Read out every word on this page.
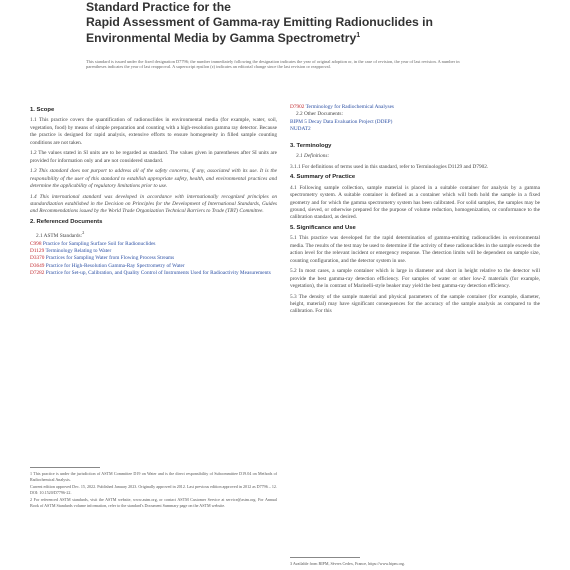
Standard Practice for the
Rapid Assessment of Gamma-ray Emitting Radionuclides in
Environmental Media by Gamma Spectrometry$^1$
This standard is issued under the fixed designation D7796; the number immediately following the designation indicates the year of original adoption or, in the case of revision, the year of last revision. A number in parentheses indicates the year of last reapproval. A superscript epsilon (ε) indicates an editorial change since the last revision or reapproval.
1. Scope

1.1 This practice covers the quantification of radionuclides in environmental media (for example, water, soil, vegetation, food) by means of simple preparation and counting with a high-resolution gamma ray detector. Because the practice is designed for rapid analysis, extensive efforts to ensure homogeneity in filled sample counting conditions are not taken.

1.2 The values stated in SI units are to be regarded as standard. The values given in parentheses after SI units are provided for information only and are not considered standard.

1.3 This standard does not purport to address all of the safety concerns, if any, associated with its use. It is the responsibility of the user of this standard to establish appropriate safety, health, and environmental practices and determine the applicability of regulatory limitations prior to use.

1.4 This international standard was developed in accordance with internationally recognized principles on standardization established in the Decision on Principles for the Development of International Standards, Guides and Recommendations issued by the World Trade Organization Technical Barriers to Trade (TBT) Committee.

2. Referenced Documents

2.1 ASTM Standards:$^2$

C998 Practice for Sampling Surface Soil for Radionuclides

D1129 Terminology Relating to Water

D3370 Practices for Sampling Water from Flowing Process Streams

D3649 Practice for High-Resolution Gamma-Ray Spectrometry of Water

D7282 Practice for Set-up, Calibration, and Quality Control of Instruments Used for Radioactivity Measurements

1 This practice is under the jurisdiction of ASTM Committee D19 on Water and is the direct responsibility of Subcommittee D19.04 on Methods of Radiochemical Analysis.

Current edition approved Dec. 15, 2022. Published January 2023. Originally approved in 2012. Last previous edition approved in 2012 as D7796 – 12. DOI: 10.1520/D7796-22.

2 For referenced ASTM standards, visit the ASTM website, www.astm.org, or contact ASTM Customer Service at service@astm.org. For Annual Book of ASTM Standards volume information, refer to the standard's Document Summary page on the ASTM website.

D7902 Terminology for Radiochemical Analyses

2.2 Other Documents:

BIPM 5 Decay Data Evaluation Project (DDEP)

NUDAT2

3. Terminology

3.1 Definitions:

3.1.1 For definitions of terms used in this standard, refer to Terminologies D1129 and D7902.

4. Summary of Practice

4.1 Following sample collection, sample material is placed in a suitable container for analysis by a gamma spectrometry system. A suitable container is defined as a container which will both hold the sample in a fixed geometry and for which the gamma spectrometry system has been calibrated. For solid samples, the samples may be ground, sieved, or otherwise prepared for the purpose of volume reduction, homogenization, or conformance to the calibration standard, as desired.

5. Significance and Use

5.1 This practice was developed for the rapid determination of gamma-emitting radionuclides in environmental media. The results of the test may be used to determine if the activity of these radionuclides in the sample exceeds the action level for the relevant incident or emergency response. The detection limits will be dependent on sample size, counting configuration, and the detector system in use.

5.2 In most cases, a sample container which is large in diameter and short in height relative to the detector will provide the best gamma-ray detection efficiency. For samples of water or other low-Z materials (for example, vegetation), the in contrast of Marinelli-style beaker may yield the best gamma-ray detection efficiency.

5.3 The density of the sample material and physical parameters of the sample container (for example, diameter, height, material) may have significant consequences for the accuracy of the sample analysis as compared to the calibration. For this

3 Available from BIPM, Sèvres Cedex, France, https://www.bipm.org.
